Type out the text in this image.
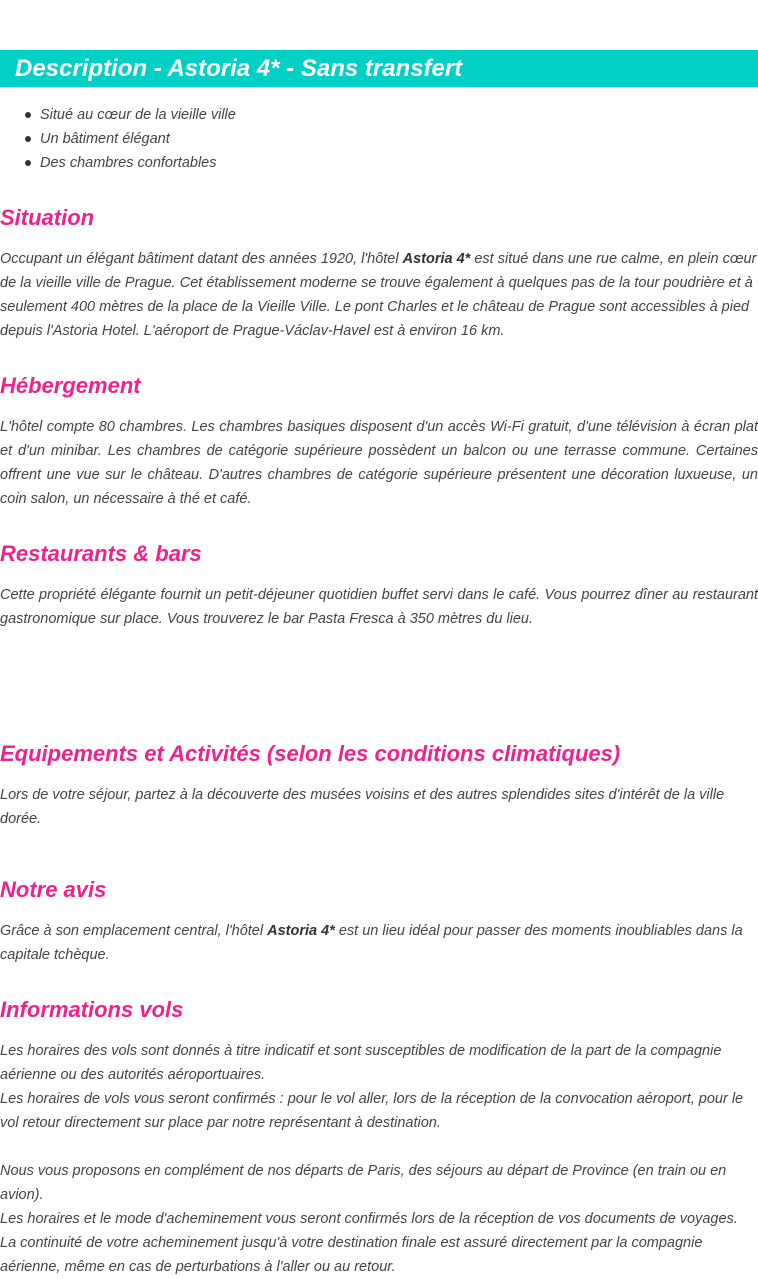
Description - Astoria 4* - Sans transfert
Situé au cœur de la vieille ville
Un bâtiment élégant
Des chambres confortables
Situation

Occupant un élégant bâtiment datant des années 1920, l'hôtel Astoria 4* est situé dans une rue calme, en plein cœur de la vieille ville de Prague. Cet établissement moderne se trouve également à quelques pas de la tour poudrière et à seulement 400 mètres de la place de la Vieille Ville. Le pont Charles et le château de Prague sont accessibles à pied depuis l'Astoria Hotel. L'aéroport de Prague-Václav-Havel est à environ 16 km.

Hébergement

L'hôtel compte 80 chambres. Les chambres basiques disposent d'un accès Wi-Fi gratuit, d'une télévision à écran plat et d'un minibar. Les chambres de catégorie supérieure possèdent un balcon ou une terrasse commune. Certaines offrent une vue sur le château. D'autres chambres de catégorie supérieure présentent une décoration luxueuse, un coin salon, un nécessaire à thé et café.

Restaurants & bars

Cette propriété élégante fournit un petit-déjeuner quotidien buffet servi dans le café. Vous pourrez dîner au restaurant gastronomique sur place. Vous trouverez le bar Pasta Fresca à 350 mètres du lieu.

Equipements et Activités (selon les conditions climatiques)

Lors de votre séjour, partez à la découverte des musées voisins et des autres splendides sites d'intérêt de la ville dorée.

Notre avis

Grâce à son emplacement central, l'hôtel Astoria 4* est un lieu idéal pour passer des moments inoubliables dans la capitale tchèque.

Informations vols

Les horaires des vols sont donnés à titre indicatif et sont susceptibles de modification de la part de la compagnie aérienne ou des autorités aéroportuaires.
Les horaires de vols vous seront confirmés : pour le vol aller, lors de la réception de la convocation aéroport, pour le vol retour directement sur place par notre représentant à destination.

Nous vous proposons en complément de nos départs de Paris, des séjours au départ de Province (en train ou en avion).
Les horaires et le mode d'acheminement vous seront confirmés lors de la réception de vos documents de voyages.
La continuité de votre acheminement jusqu'à votre destination finale est assuré directement par la compagnie aérienne, même en cas de perturbations à l'aller ou au retour.
